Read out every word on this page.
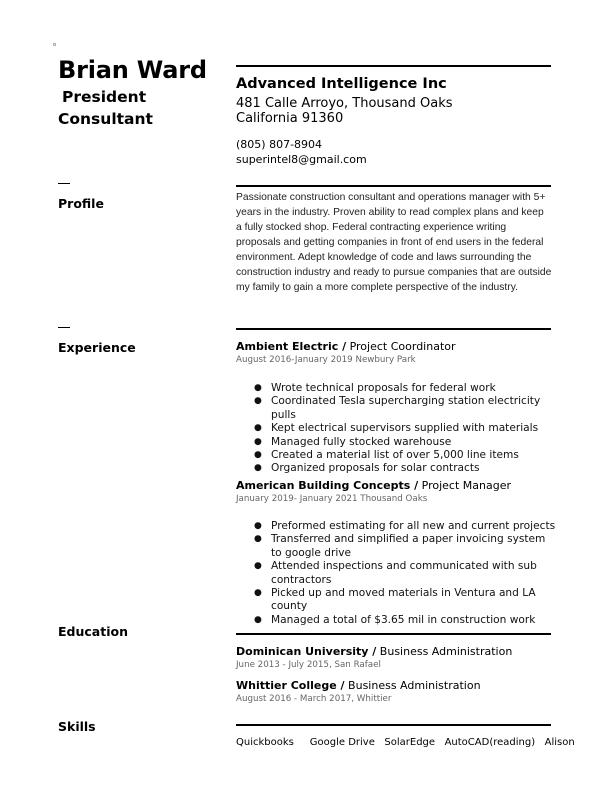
o
Brian Ward
President
Consultant
Advanced Intelligence Inc
481 Calle Arroyo, Thousand Oaks
California 91360
(805) 807-8904
superintel8@gmail.com
Profile	Passionate construction consultant and operations manager with 5+ years in the industry. Proven ability to read complex plans and keep a fully stocked shop. Federal contracting experience writing proposals and getting companies in front of end users in the federal environment. Adept knowledge of code and laws surrounding the construction industry and ready to pursue companies that are outside my family to gain a more complete perspective of the industry.

Experience	Ambient Electric / Project Coordinator
August 2016-January 2019 Newbury Park
● Wrote technical proposals for federal work
● Coordinated Tesla supercharging station electricity pulls
● Kept electrical supervisors supplied with materials
● Managed fully stocked warehouse
● Created a material list of over 5,000 line items
● Organized proposals for solar contracts
American Building Concepts / Project Manager
January 2019- January 2021 Thousand Oaks
● Preformed estimating for all new and current projects
● Transferred and simplified a paper invoicing system to google drive
● Attended inspections and communicated with sub contractors
● Picked up and moved materials in Ventura and LA county
● Managed a total of $3.65 mil in construction work
Education
Dominican University / Business Administration
June 2013 - July 2015, San Rafael
Whittier College / Business Administration
August 2016 - March 2017, Whittier
Skills
Quickbooks     Google Drive   SolarEdge   AutoCAD(reading)   Alison
